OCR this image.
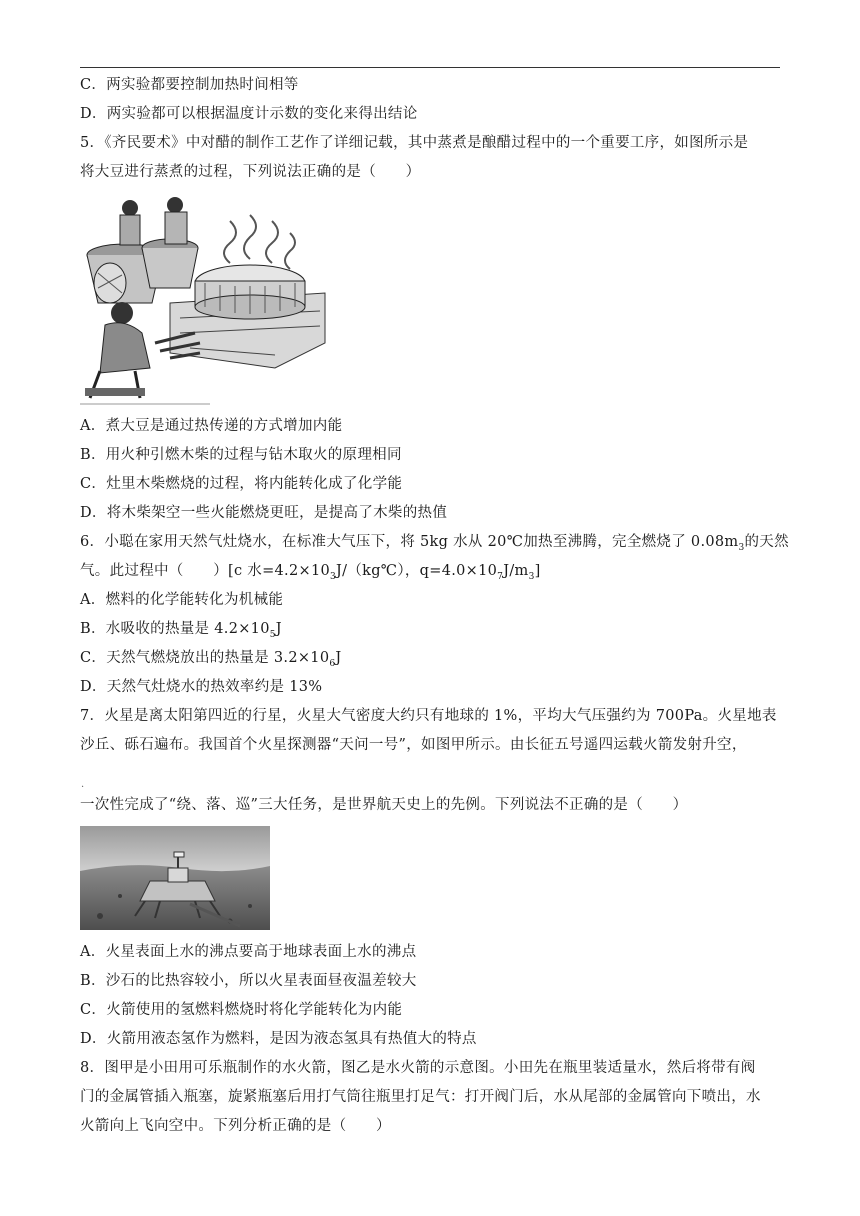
C．两实验都要控制加热时间相等
D．两实验都可以根据温度计示数的变化来得出结论
5．《齐民要术》中对醋的制作工艺作了详细记载，其中蒸煮是酿醋过程中的一个重要工序，如图所示是
将大豆进行蒸煮的过程，下列说法正确的是（　　）
A．煮大豆是通过热传递的方式增加内能
B．用火种引燃木柴的过程与钻木取火的原理相同
C．灶里木柴燃烧的过程，将内能转化成了化学能
D．将木柴架空一些火能燃烧更旺，是提高了木柴的热值
6．小聪在家用天然气灶烧水，在标准大气压下，将 5kg 水从 20℃加热至沸腾，完全燃烧了 $0.08m_3$的天然
气。此过程中（　　）[c 水$=4.2\times 10_3J/(kg℃)$，$q=4.0\times 10_7J/m_3$]
A．燃料的化学能转化为机械能
B．水吸收的热量是 $4.2\times 10_5J$
C．天然气燃烧放出的热量是 $3.2\times 10_6J$
D．天然气灶烧水的热效率约是 13%
7．火星是离太阳第四近的行星，火星大气密度大约只有地球的 1%，平均大气压强约为 700Pa。火星地表
沙丘、砾石遍布。我国首个火星探测器“天问一号”，如图甲所示。由长征五号遥四运载火箭发射升空，
·
一次性完成了“绕、落、巡”三大任务，是世界航天史上的先例。下列说法不正确的是（　　）
A．火星表面上水的沸点要高于地球表面上水的沸点
B．沙石的比热容较小，所以火星表面昼夜温差较大
C．火箭使用的氢燃料燃烧时将化学能转化为内能
D．火箭用液态氢作为燃料，是因为液态氢具有热值大的特点
8．图甲是小田用可乐瓶制作的水火箭，图乙是水火箭的示意图。小田先在瓶里装适量水，然后将带有阀
门的金属管插入瓶塞，旋紧瓶塞后用打气筒往瓶里打足气：打开阀门后，水从尾部的金属管向下喷出，水
火箭向上飞向空中。下列分析正确的是（　　）
